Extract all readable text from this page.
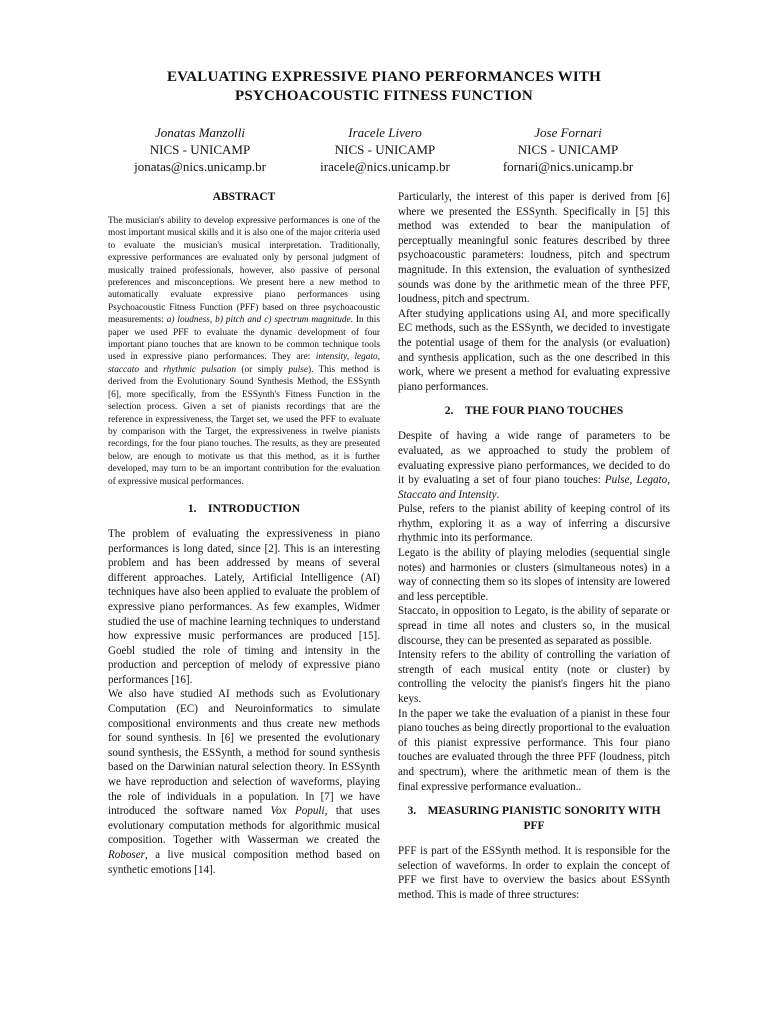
EVALUATING EXPRESSIVE PIANO PERFORMANCES WITH
PSYCHOACOUSTIC FITNESS FUNCTION
Jonatas Manzolli
NICS - UNICAMP
jonatas@nics.unicamp.br
Iracele Livero
NICS - UNICAMP
iracele@nics.unicamp.br
Jose Fornari
NICS - UNICAMP
fornari@nics.unicamp.br
ABSTRACT

The musician's ability to develop expressive performances is one of the most important musical skills and it is also one of the major criteria used to evaluate the musician's musical interpretation. Traditionally, expressive performances are evaluated only by personal judgment of musically trained professionals, however, also passive of personal preferences and misconceptions. We present here a new method to automatically evaluate expressive piano performances using Psychoacoustic Fitness Function (PFF) based on three psychoacoustic measurements: a) loudness, b) pitch and c) spectrum magnitude. In this paper we used PFF to evaluate the dynamic development of four important piano touches that are known to be common technique tools used in expressive piano performances. They are: intensity, legato, staccato and rhythmic pulsation (or simply pulse). This method is derived from the Evolutionary Sound Synthesis Method, the ESSynth [6], more specifically, from the ESSynth's Fitness Function in the selection process. Given a set of pianists recordings that are the reference in expressiveness, the Target set, we used the PFF to evaluate by comparison with the Target, the expressiveness in twelve pianists recordings, for the four piano touches. The results, as they are presented below, are enough to motivate us that this method, as it is further developed, may turn to be an important contribution for the evaluation of expressive musical performances.

1.    INTRODUCTION

The problem of evaluating the expressiveness in piano performances is long dated, since [2]. This is an interesting problem and has been addressed by means of several different approaches. Lately, Artificial Intelligence (AI) techniques have also been applied to evaluate the problem of expressive piano performances. As few examples, Widmer studied the use of machine learning techniques to understand how expressive music performances are produced [15]. Goebl studied the role of timing and intensity in the production and perception of melody of expressive piano performances [16].

We also have studied AI methods such as Evolutionary Computation (EC) and Neuroinformatics to simulate compositional environments and thus create new methods for sound synthesis. In [6] we presented the evolutionary sound synthesis, the ESSynth, a method for sound synthesis based on the Darwinian natural selection theory. In ESSynth we have reproduction and selection of waveforms, playing the role of individuals in a population. In [7] we have introduced the software named Vox Populi, that uses evolutionary computation methods for algorithmic musical composition. Together with Wasserman we created the Roboser, a live musical composition method based on synthetic emotions [14].

Particularly, the interest of this paper is derived from [6] where we presented the ESSynth. Specifically in [5] this method was extended to bear the manipulation of perceptually meaningful sonic features described by three psychoacoustic parameters: loudness, pitch and spectrum magnitude. In this extension, the evaluation of synthesized sounds was done by the arithmetic mean of the three PFF, loudness, pitch and spectrum.

After studying applications using AI, and more specifically EC methods, such as the ESSynth, we decided to investigate the potential usage of them for the analysis (or evaluation) and synthesis application, such as the one described in this work, where we present a method for evaluating expressive piano performances.

2.    THE FOUR PIANO TOUCHES

Despite of having a wide range of parameters to be evaluated, as we approached to study the problem of evaluating expressive piano performances, we decided to do it by evaluating a set of four piano touches: Pulse, Legato, Staccato and Intensity.

Pulse, refers to the pianist ability of keeping control of its rhythm, exploring it as a way of inferring a discursive rhythmic into its performance.

Legato is the ability of playing melodies (sequential single notes) and harmonies or clusters (simultaneous notes) in a way of connecting them so its slopes of intensity are lowered and less perceptible.

Staccato, in opposition to Legato, is the ability of separate or spread in time all notes and clusters so, in the musical discourse, they can be presented as separated as possible.

Intensity refers to the ability of controlling the variation of strength of each musical entity (note or cluster) by controlling the velocity the pianist's fingers hit the piano keys.

In the paper we take the evaluation of a pianist in these four piano touches as being directly proportional to the evaluation of this pianist expressive performance. This four piano touches are evaluated through the three PFF (loudness, pitch and spectrum), where the arithmetic mean of them is the final expressive performance evaluation..

3.    MEASURING PIANISTIC SONORITY WITH
PFF

PFF is part of the ESSynth method. It is responsible for the selection of waveforms. In order to explain the concept of PFF we first have to overview the basics about ESSynth method. This is made of three structures:
